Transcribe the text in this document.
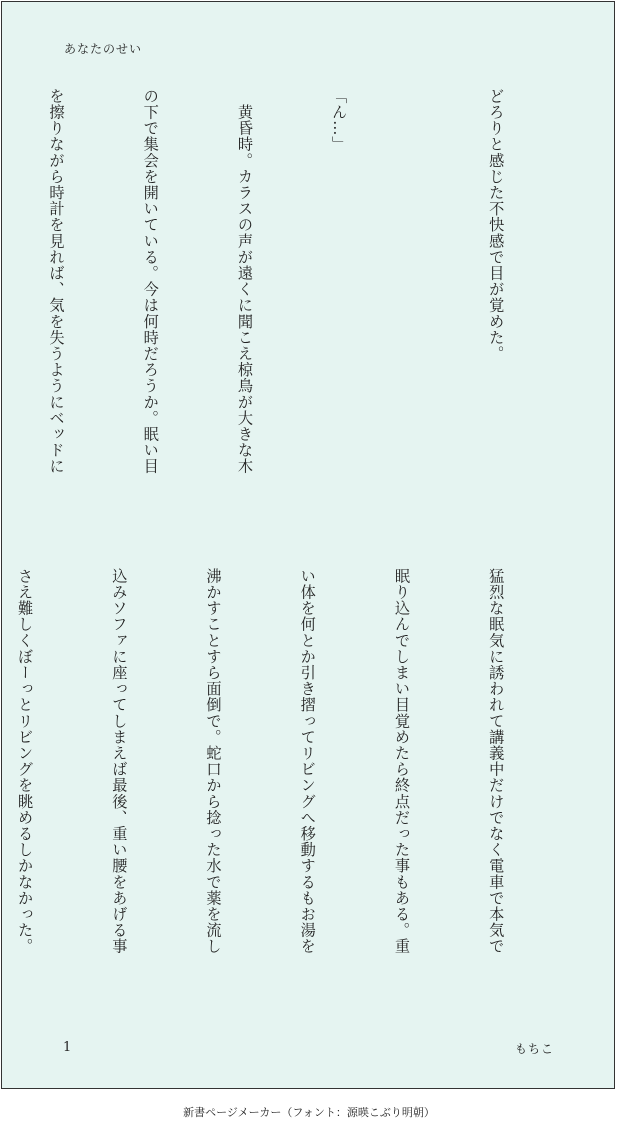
あなたのせい

どろりと感じた不快感で目が覚めた。

「ん…」

　黄昏時。カラスの声が遠くに聞こえ椋鳥が大きな木

の下で集会を開いている。今は何時だろうか。眠い目

を擦りながら時計を見れば、気を失うようにベッドに

猛烈な眠気に誘われて講義中だけでなく電車で本気で

眠り込んでしまい目覚めたら終点だった事もある。重

い体を何とか引き摺ってリビングへ移動するもお湯を

沸かすことすら面倒で。蛇口から捻った水で薬を流し

込みソファに座ってしまえば最後、重い腰をあげる事

さえ難しくぼーっとリビングを眺めるしかなかった。

1	もちこ
新書ページメーカー（フォント：源暎こぶり明朝）
